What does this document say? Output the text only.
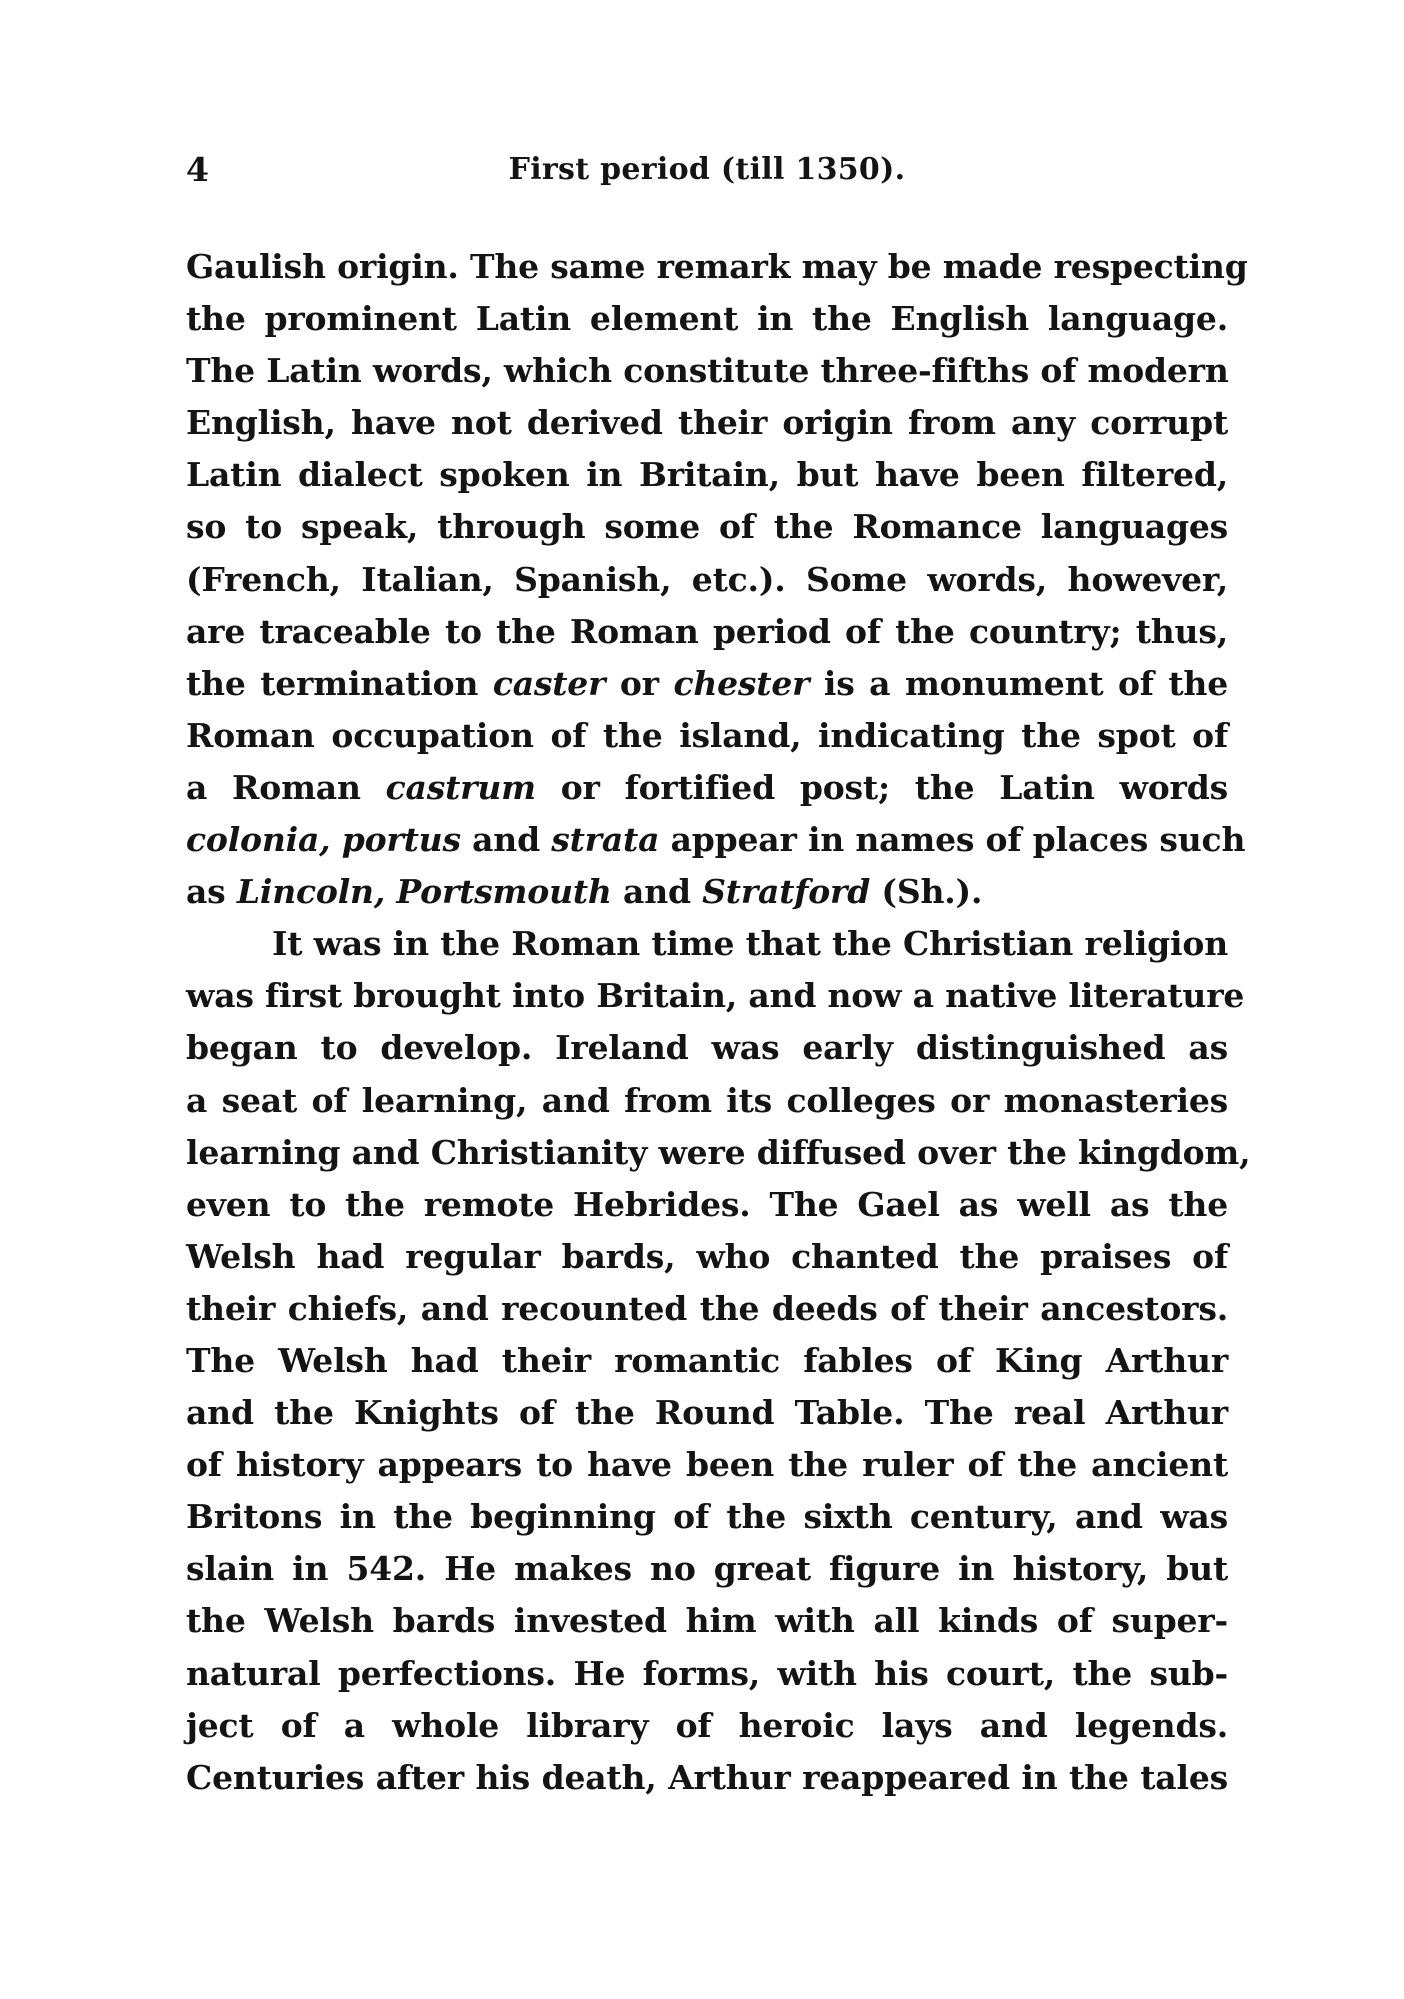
4	First period (till 1350).
Gaulish origin. The same remark may be made respecting
the prominent Latin element in the English language.
The Latin words, which constitute three-fifths of modern
English, have not derived their origin from any corrupt
Latin dialect spoken in Britain, but have been filtered,
so to speak, through some of the Romance languages
(French, Italian, Spanish, etc.). Some words, however,
are traceable to the Roman period of the country; thus,
the termination caster or chester is a monument of the
Roman occupation of the island, indicating the spot of
a Roman castrum or fortified post; the Latin words
colonia, portus and strata appear in names of places such
as Lincoln, Portsmouth and Stratford (Sh.).
It was in the Roman time that the Christian religion
was first brought into Britain, and now a native literature
began to develop. Ireland was early distinguished as
a seat of learning, and from its colleges or monasteries
learning and Christianity were diffused over the kingdom,
even to the remote Hebrides. The Gael as well as the
Welsh had regular bards, who chanted the praises of
their chiefs, and recounted the deeds of their ancestors.
The Welsh had their romantic fables of King Arthur
and the Knights of the Round Table. The real Arthur
of history appears to have been the ruler of the ancient
Britons in the beginning of the sixth century, and was
slain in 542. He makes no great figure in history, but
the Welsh bards invested him with all kinds of super-
natural perfections. He forms, with his court, the sub-
ject of a whole library of heroic lays and legends.
Centuries after his death, Arthur reappeared in the tales
